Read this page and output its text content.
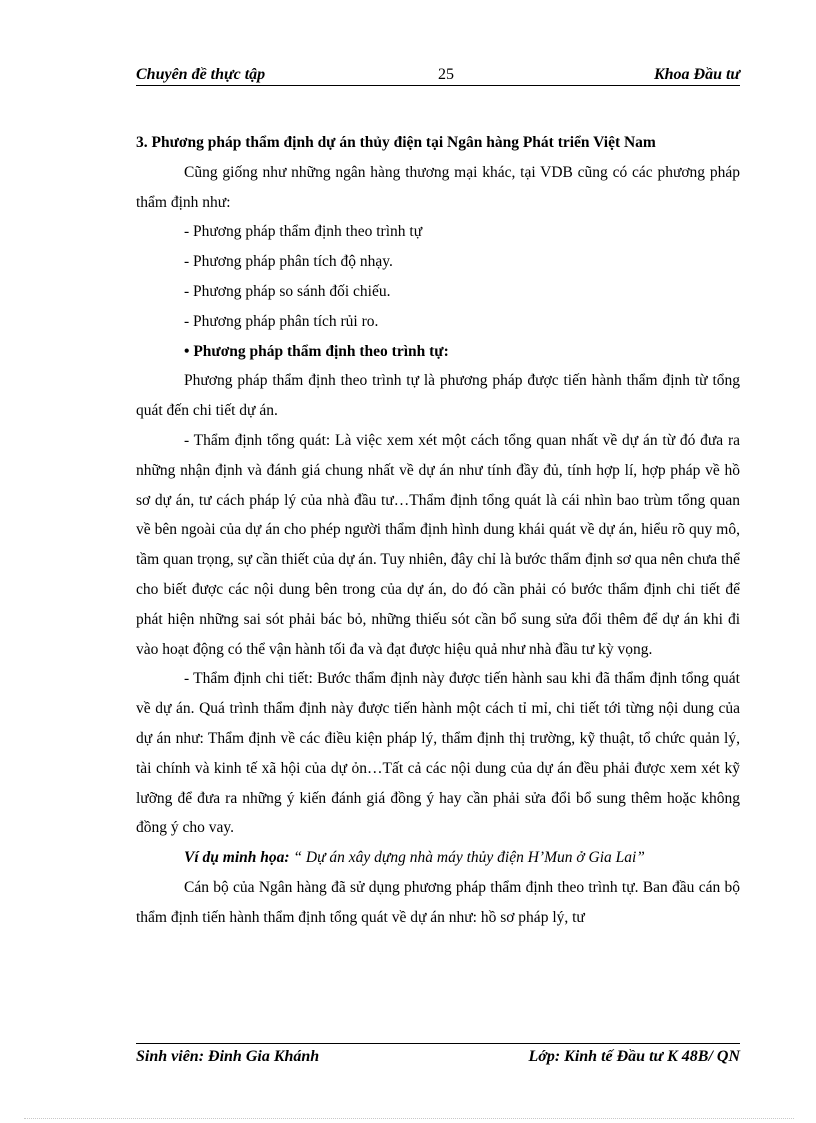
Chuyên đề thực tập	25	Khoa Đầu tư

3. Phương pháp thẩm định dự án thủy điện tại Ngân hàng Phát triển Việt Nam

Cũng giống như những ngân hàng thương mại khác, tại VDB cũng có các phương pháp thẩm định như:

- Phương pháp thẩm định theo trình tự

- Phương pháp phân tích độ nhạy.

- Phương pháp so sánh đối chiếu.

- Phương pháp phân tích rủi ro.

• Phương pháp thẩm định theo trình tự:

Phương pháp thẩm định theo trình tự là phương pháp được tiến hành thẩm định từ tổng quát đến chi tiết dự án.

- Thẩm định tổng quát: Là việc xem xét một cách tổng quan nhất về dự án từ đó đưa ra những nhận định và đánh giá chung nhất về dự án như tính đầy đủ, tính hợp lí, hợp pháp về hồ sơ dự án, tư cách pháp lý của nhà đầu tư…Thẩm định tổng quát là cái nhìn bao trùm tổng quan về bên ngoài của dự án cho phép người thẩm định hình dung khái quát về dự án, hiểu rõ quy mô, tầm quan trọng, sự cần thiết của dự án. Tuy nhiên, đây chỉ là bước thẩm định sơ qua nên chưa thể cho biết được các nội dung bên trong của dự án, do đó cần phải có bước thẩm định chi tiết để phát hiện những sai sót phải bác bỏ, những thiếu sót cần bổ sung sửa đổi thêm để dự án khi đi vào hoạt động có thể vận hành tối đa và đạt được hiệu quả như nhà đầu tư kỳ vọng.

- Thẩm định chi tiết: Bước thẩm định này được tiến hành sau khi đã thẩm định tổng quát về dự án. Quá trình thẩm định này được tiến hành một cách tỉ mỉ, chi tiết tới từng nội dung của dự án như: Thẩm định về các điều kiện pháp lý, thẩm định thị trường, kỹ thuật, tổ chức quản lý, tài chính và kinh tế xã hội của dự ỏn…Tất cả các nội dung của dự án đều phải được xem xét kỹ lưỡng để đưa ra những ý kiến đánh giá đồng ý hay cần phải sửa đổi bổ sung thêm hoặc không đồng ý cho vay.

Ví dụ minh họa: “ Dự án xây dựng nhà máy thủy điện H’Mun ở Gia Lai”

Cán bộ của Ngân hàng đã sử dụng phương pháp thẩm định theo trình tự. Ban đầu cán bộ thẩm định tiến hành thẩm định tổng quát về dự án như: hồ sơ pháp lý, tư

Sinh viên: Đinh Gia Khánh	Lớp: Kinh tế Đầu tư K 48B/ QN
